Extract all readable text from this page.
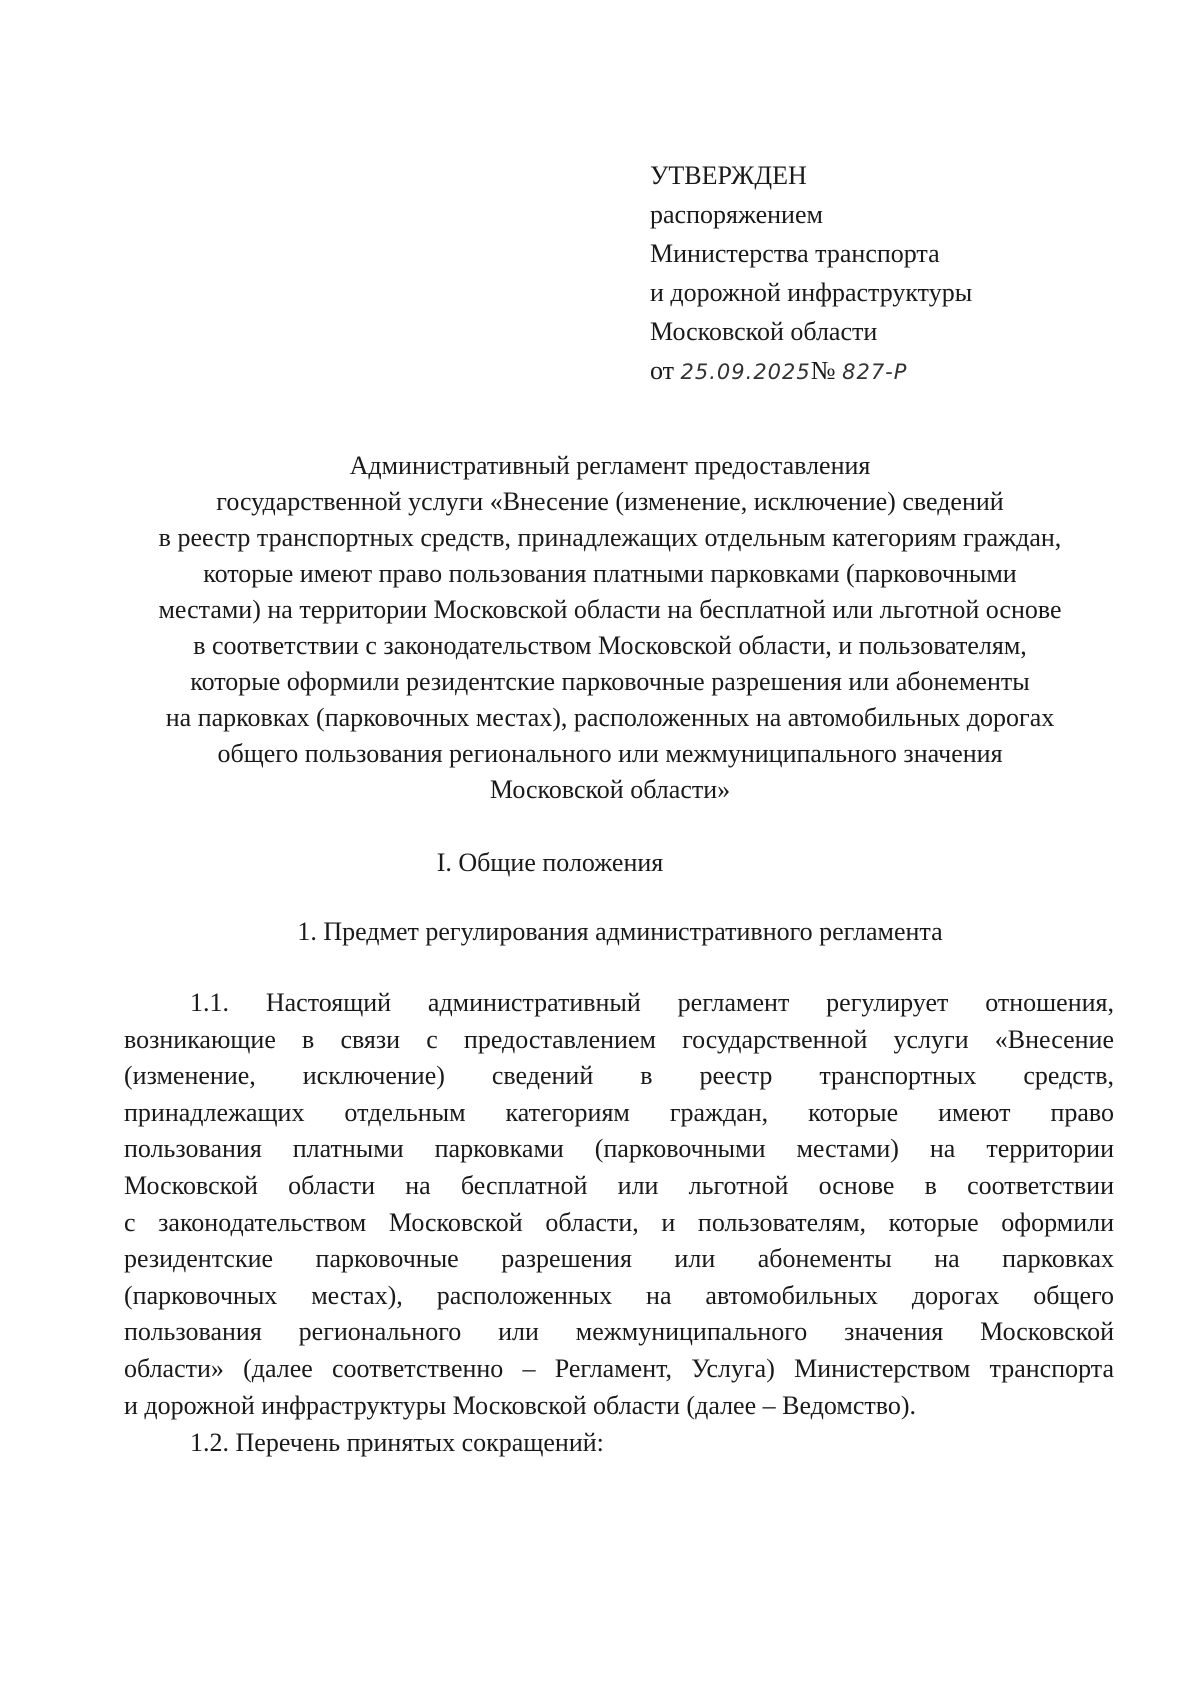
УТВЕРЖДЕН
распоряжением
Министерства транспорта
и дорожной инфраструктуры
Московской области
от 25.09.2025№ 827-Р
Административный регламент предоставления
государственной услуги «Внесение (изменение, исключение) сведений
в реестр транспортных средств, принадлежащих отдельным категориям граждан,
которые имеют право пользования платными парковками (парковочными
местами) на территории Московской области на бесплатной или льготной основе
в соответствии с законодательством Московской области, и пользователям,
которые оформили резидентские парковочные разрешения или абонементы
на парковках (парковочных местах), расположенных на автомобильных дорогах
общего пользования регионального или межмуниципального значения
Московской области»
I. Общие положения
1. Предмет регулирования административного регламента
1.1. Настоящий административный регламент регулирует отношения,
возникающие в связи с предоставлением государственной услуги «Внесение
(изменение, исключение) сведений в реестр транспортных средств,
принадлежащих отдельным категориям граждан, которые имеют право
пользования платными парковками (парковочными местами) на территории
Московской области на бесплатной или льготной основе в соответствии
с законодательством Московской области, и пользователям, которые оформили
резидентские парковочные разрешения или абонементы на парковках
(парковочных местах), расположенных на автомобильных дорогах общего
пользования регионального или межмуниципального значения Московской
области» (далее соответственно – Регламент, Услуга) Министерством транспорта
и дорожной инфраструктуры Московской области (далее – Ведомство).
1.2. Перечень принятых сокращений:
